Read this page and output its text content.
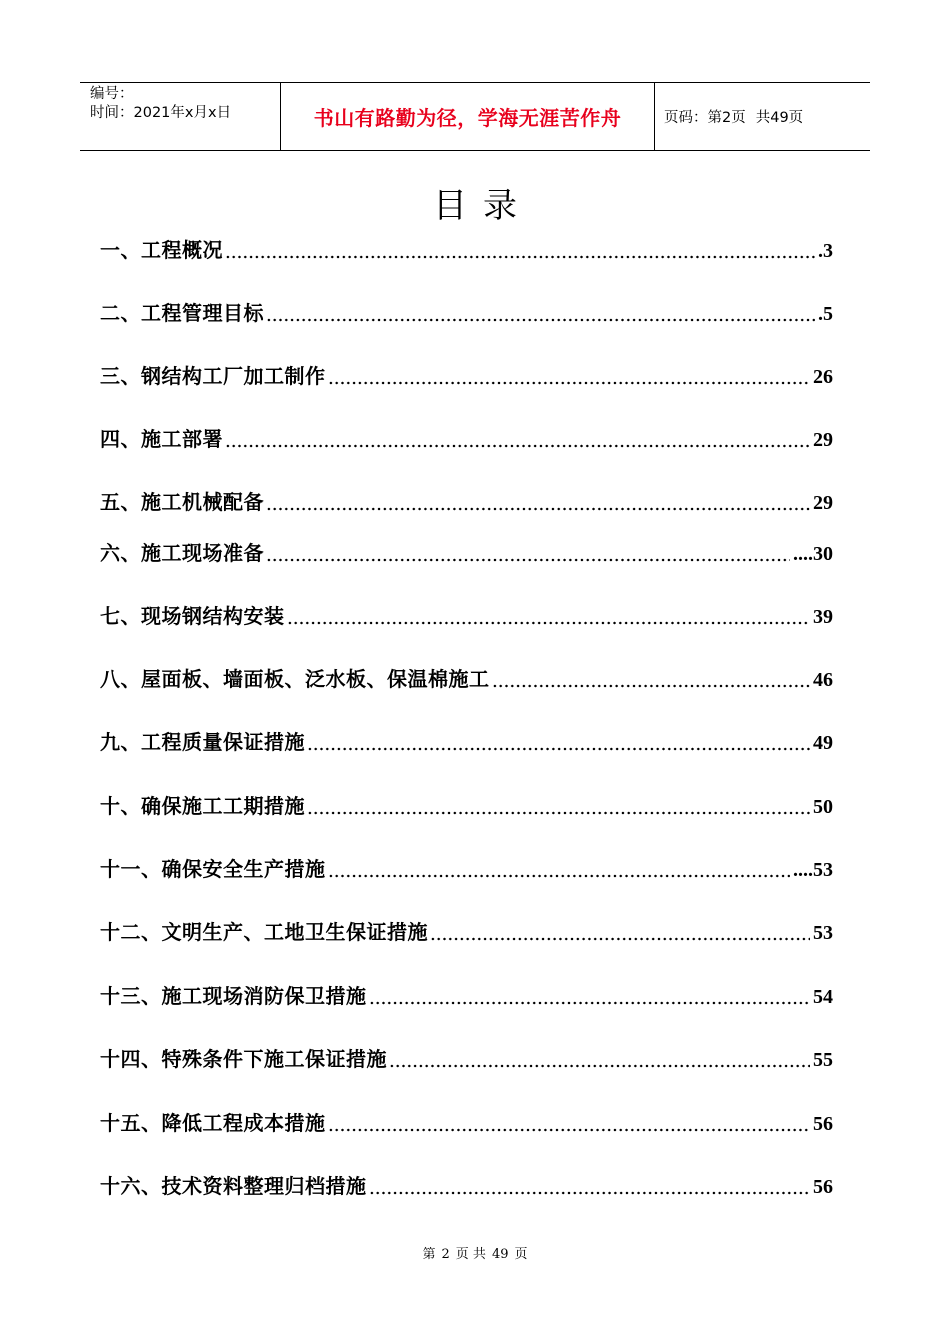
编号：
时间：2021年x月x日	书山有路勤为径，学海无涯苦作舟	页码：第2页 共49页
目录
一、工程概况	.3
二、工程管理目标	.5
三、钢结构工厂加工制作	26
四、施工部署	29
五、施工机械配备	29
六、施工现场准备	....30
七、现场钢结构安装	39
八、屋面板、墙面板、泛水板、保温棉施工	46
九、工程质量保证措施	49
十、确保施工工期措施	50
十一、确保安全生产措施	....53
十二、文明生产、工地卫生保证措施	53
十三、施工现场消防保卫措施	54
十四、特殊条件下施工保证措施	55
十五、降低工程成本措施	56
十六、技术资料整理归档措施	56
第 2 页 共 49 页
